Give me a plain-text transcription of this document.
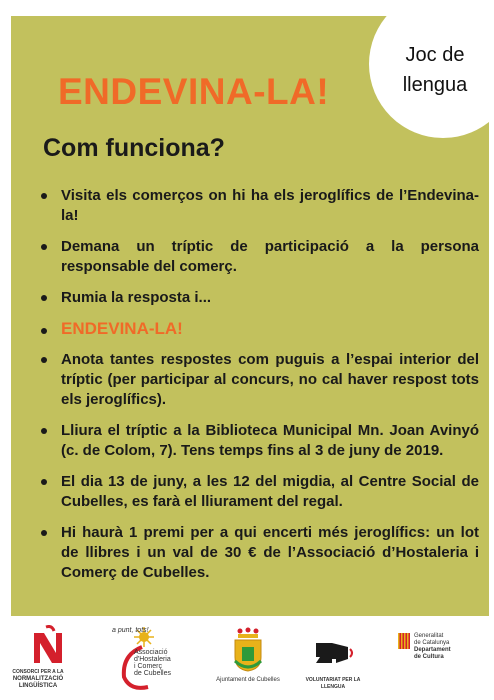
Joc de
llengua
ENDEVINA-LA!
Com funciona?
Visita els comerços on hi ha els jeroglífics de l’Endevina-la!
Demana un tríptic de participació a la persona responsable del comerç.
Rumia la resposta i...
ENDEVINA-LA!
Anota tantes respostes com puguis a l’espai interior del tríptic (per participar al concurs, no cal haver respost tots els jeroglífics).
Lliura el tríptic a la Biblioteca Municipal Mn. Joan Avinyó (c. de Colom, 7). Tens temps fins al 3 de juny de 2019.
El dia 13 de juny, a les 12 del migdia, al Centre Social de Cubelles, es farà el lliurament del regal.
Hi haurà 1 premi per a qui encerti més jeroglífics: un lot de llibres i un val de 30 € de l’Associació d’Hostaleria i Comerç de Cubelles.
CONSORCI PER A LA
NORMALITZACIÓ
LINGÜÍSTICA
a punt, tots!
Associació
d'Hostaleria
i Comerç
de Cubelles
Ajuntament de Cubelles	VOLUNTARIAT PER LA LLENGUA
Generalitat
de Catalunya
Departament
de Cultura
